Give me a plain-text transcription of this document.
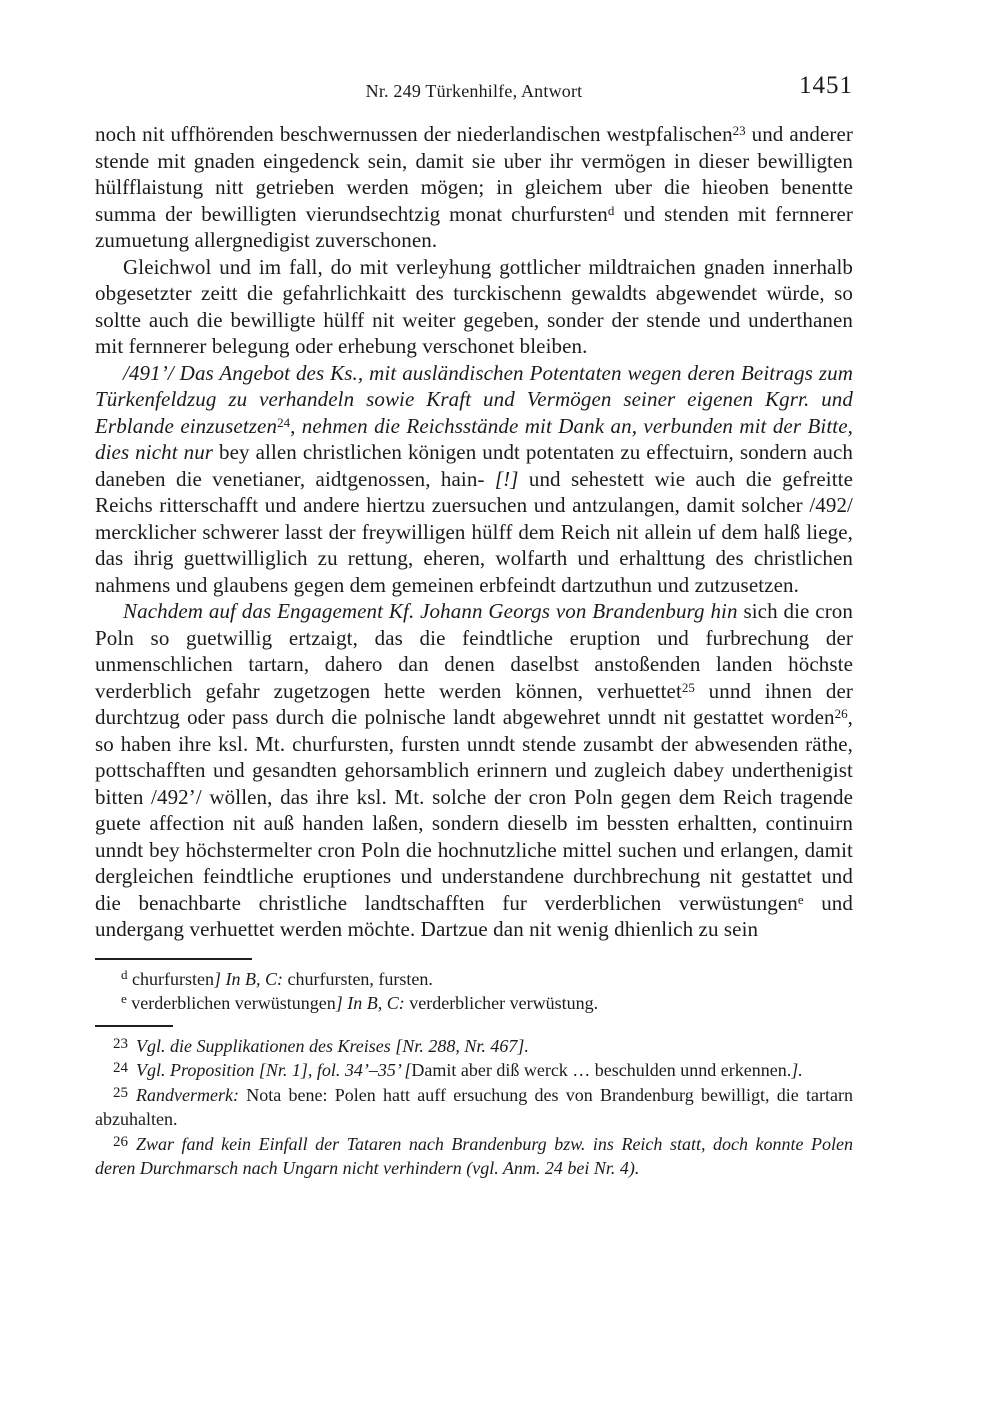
Nr. 249 Türkenhilfe, Antwort	1451

noch nit uffhörenden beschwernussen der niederlandischen westpfalischen$^{23}$ und anderer stende mit gnaden eingedenck sein, damit sie uber ihr vermögen in dieser bewilligten hülfflaistung nitt getrieben werden mögen; in gleichem uber die hieoben benentte summa der bewilligten vierundsechtzig monat churfursten$^d$ und stenden mit fernnerer zumuetung allergnedigist zuverschonen.

Gleichwol und im fall, do mit verleyhung gottlicher mildtraichen gnaden innerhalb obgesetzter zeitt die gefahrlichkaitt des turckischenn gewaldts abgewendet würde, so soltte auch die bewilligte hülff nit weiter gegeben, sonder der stende und underthanen mit fernnerer belegung oder erhebung verschonet bleiben.

/491’/ Das Angebot des Ks., mit ausländischen Potentaten wegen deren Beitrags zum Türkenfeldzug zu verhandeln sowie Kraft und Vermögen seiner eigenen Kgrr. und Erblande einzusetzen$^{24}$, nehmen die Reichsstände mit Dank an, verbunden mit der Bitte, dies nicht nur bey allen christlichen königen undt potentaten zu effectuirn, sondern auch daneben die venetianer, aidtgenossen, hain- [!] und sehestett wie auch die gefreitte Reichs ritterschafft und andere hiertzu zuersuchen und antzulangen, damit solcher /492/ mercklicher schwerer lasst der freywilligen hülff dem Reich nit allein uf dem halß liege, das ihrig guettwilliglich zu rettung, eheren, wolfarth und erhalttung des christlichen nahmens und glaubens gegen dem gemeinen erbfeindt dartzuthun und zutzusetzen.

Nachdem auf das Engagement Kf. Johann Georgs von Brandenburg hin sich die cron Poln so guetwillig ertzaigt, das die feindtliche eruption und furbrechung der unmenschlichen tartarn, dahero dan denen daselbst anstoßenden landen höchste verderblich gefahr zugetzogen hette werden können, verhuettet$^{25}$ unnd ihnen der durchtzug oder pass durch die polnische landt abgewehret unndt nit gestattet worden$^{26}$, so haben ihre ksl. Mt. churfursten, fursten unndt stende zusambt der abwesenden räthe, pottschafften und gesandten gehorsamblich erinnern und zugleich dabey underthenigist bitten /492’/ wöllen, das ihre ksl. Mt. solche der cron Poln gegen dem Reich tragende guete affection nit auß handen laßen, sondern dieselb im bessten erhaltten, continuirn unndt bey höchstermelter cron Poln die hochnutzliche mittel suchen und erlangen, damit dergleichen feindtliche eruptiones und understandene durchbrechung nit gestattet und die benachbarte christliche landtschafften fur verderblichen verwüstungen$^e$ und undergang verhuettet werden möchte. Dartzue dan nit wenig dhienlich zu sein

$^d$ churfursten] In B, C: churfursten, fursten.

$^e$ verderblichen verwüstungen] In B, C: verderblicher verwüstung.

$^{23}$ Vgl. die Supplikationen des Kreises [Nr. 288, Nr. 467].

$^{24}$ Vgl. Proposition [Nr. 1], fol. 34’–35’ [Damit aber diß werck … beschulden unnd erkennen.].

$^{25}$ Randvermerk: Nota bene: Polen hatt auff ersuchung des von Brandenburg bewilligt, die tartarn abzuhalten.

$^{26}$ Zwar fand kein Einfall der Tataren nach Brandenburg bzw. ins Reich statt, doch konnte Polen deren Durchmarsch nach Ungarn nicht verhindern (vgl. Anm. 24 bei Nr. 4).
